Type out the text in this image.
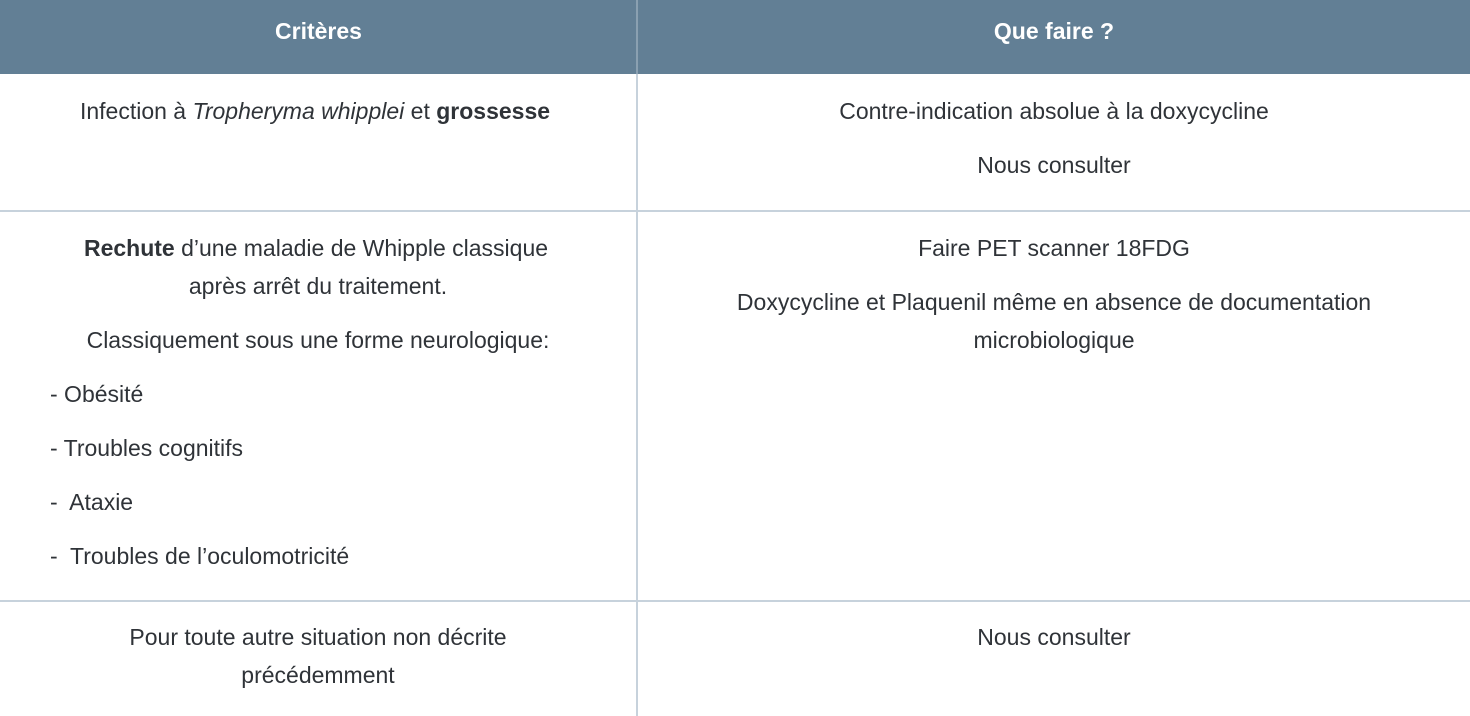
Critères	Que faire ?

Infection à Tropheryma whipplei et grossesse	Contre-indication absolue à la doxycycline

Nous consulter

Rechute d’une maladie de Whipple classique

après arrêt du traitement.

Classiquement sous une forme neurologique:

- Obésité

- Troubles cognitifs

-  Ataxie

-  Troubles de l’oculomotricité

Faire PET scanner 18FDG

Doxycycline et Plaquenil même en absence de documentation

microbiologique

Pour toute autre situation non décrite

précédemment

Nous consulter
